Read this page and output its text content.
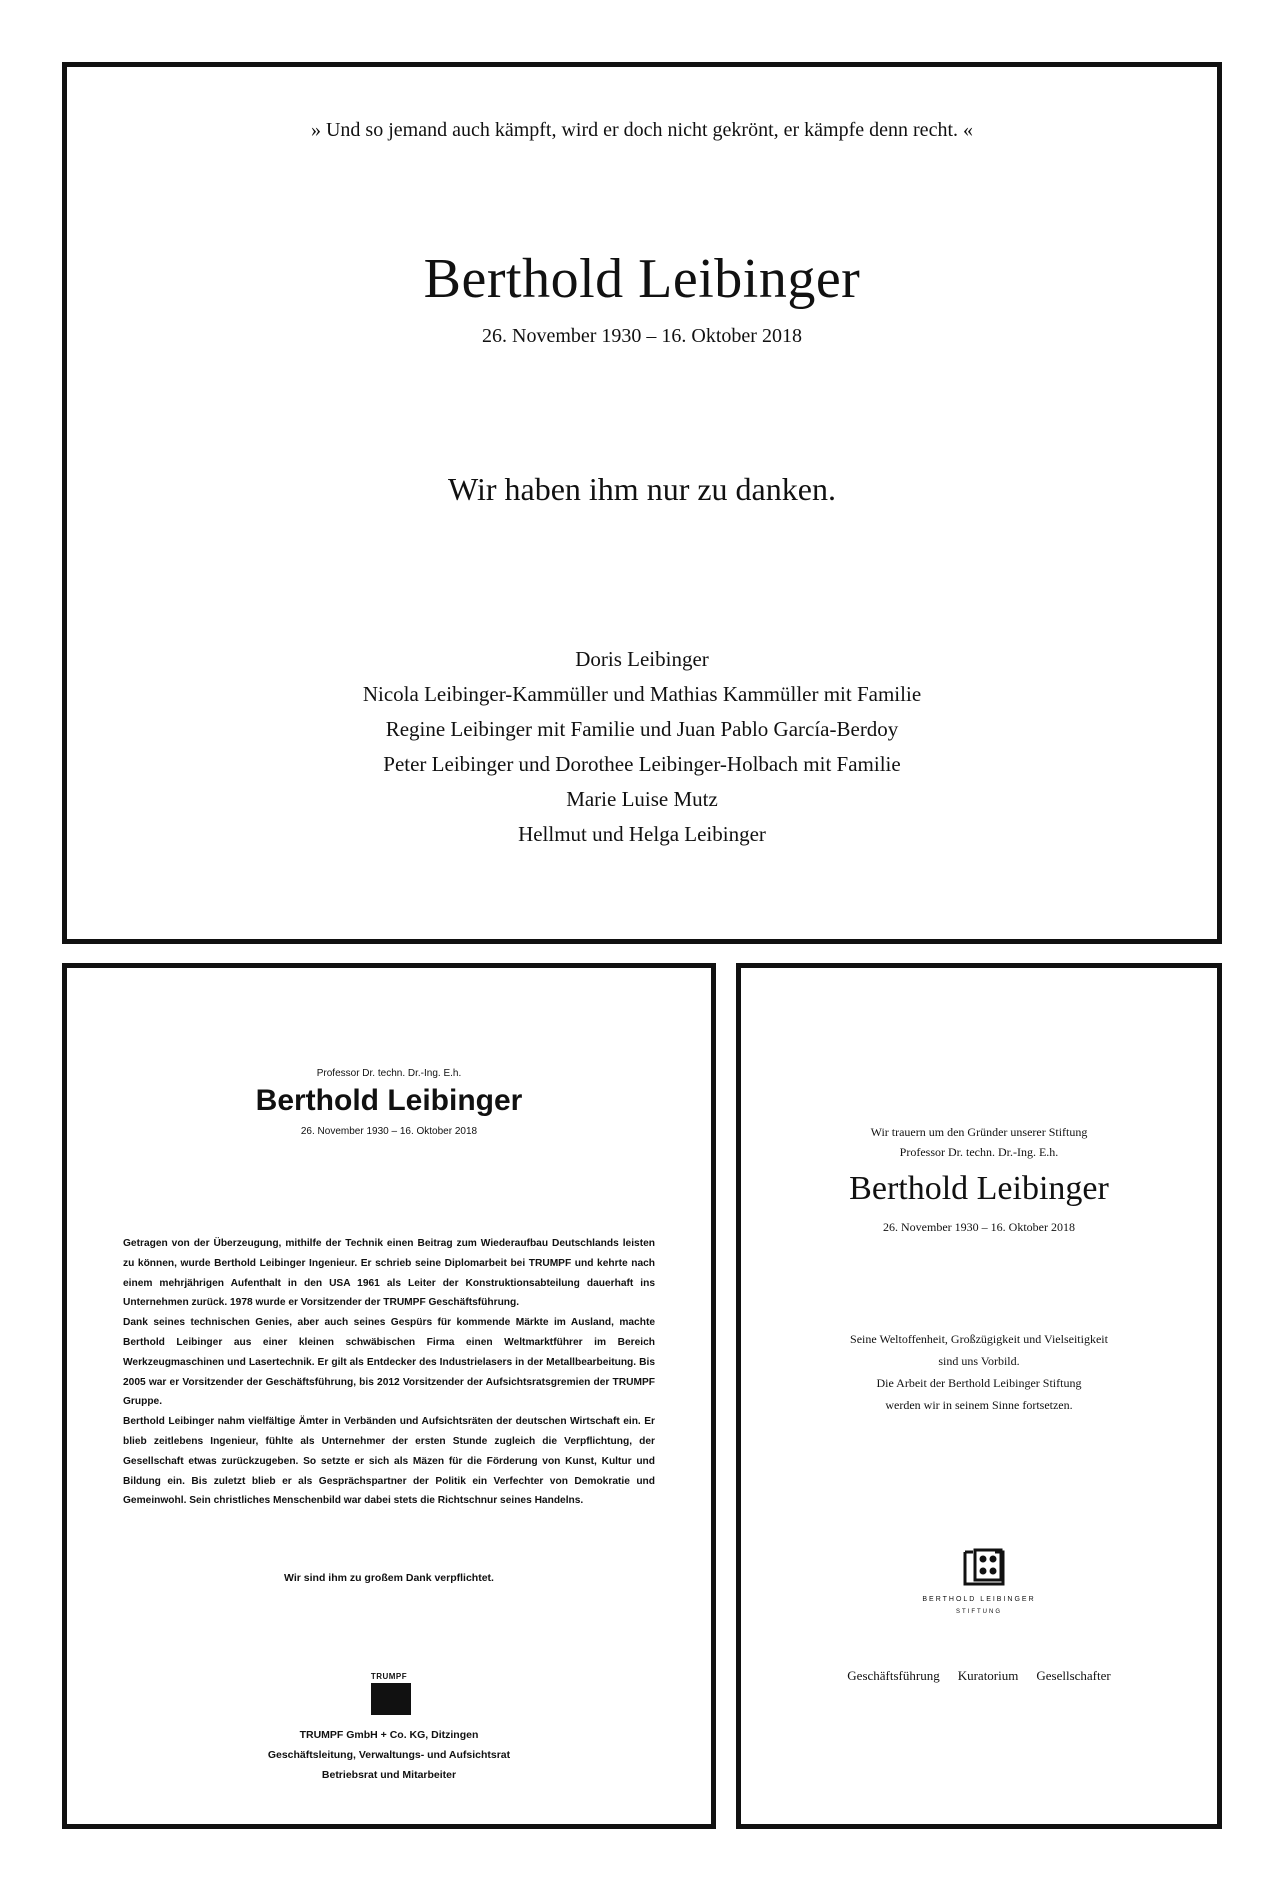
» Und so jemand auch kämpft, wird er doch nicht gekrönt, er kämpfe denn recht. «
Berthold Leibinger
26. November 1930 – 16. Oktober 2018
Wir haben ihm nur zu danken.
Doris Leibinger
Nicola Leibinger-Kammüller und Mathias Kammüller mit Familie
Regine Leibinger mit Familie und Juan Pablo García-Berdoy
Peter Leibinger und Dorothee Leibinger-Holbach mit Familie
Marie Luise Mutz
Hellmut und Helga Leibinger
Professor Dr. techn. Dr.-Ing. E.h.
Berthold Leibinger
26. November 1930 – 16. Oktober 2018

Getragen von der Überzeugung, mithilfe der Technik einen Beitrag zum Wiederaufbau Deutschlands leisten zu können, wurde Berthold Leibinger Ingenieur. Er schrieb seine Diplomarbeit bei TRUMPF und kehrte nach einem mehrjährigen Aufenthalt in den USA 1961 als Leiter der Konstruktionsabteilung dauerhaft ins Unternehmen zurück. 1978 wurde er Vorsitzender der TRUMPF Geschäftsführung.

Dank seines technischen Genies, aber auch seines Gespürs für kommende Märkte im Ausland, machte Berthold Leibinger aus einer kleinen schwäbischen Firma einen Weltmarktführer im Bereich Werkzeugmaschinen und Lasertechnik. Er gilt als Entdecker des Industrielasers in der Metallbearbeitung. Bis 2005 war er Vorsitzender der Geschäftsführung, bis 2012 Vorsitzender der Aufsichtsratsgremien der TRUMPF Gruppe.

Berthold Leibinger nahm vielfältige Ämter in Verbänden und Aufsichtsräten der deutschen Wirtschaft ein. Er blieb zeitlebens Ingenieur, fühlte als Unternehmer der ersten Stunde zugleich die Verpflichtung, der Gesellschaft etwas zurückzugeben. So setzte er sich als Mäzen für die Förderung von Kunst, Kultur und Bildung ein. Bis zuletzt blieb er als Gesprächspartner der Politik ein Verfechter von Demokratie und Gemeinwohl. Sein christliches Menschenbild war dabei stets die Richtschnur seines Handelns.

Wir sind ihm zu großem Dank verpflichtet.
TRUMPF
TRUMPF GmbH + Co. KG, Ditzingen
Geschäftsleitung, Verwaltungs- und Aufsichtsrat
Betriebsrat und Mitarbeiter
Wir trauern um den Gründer unserer Stiftung
Professor Dr. techn. Dr.-Ing. E.h.
Berthold Leibinger
26. November 1930 – 16. Oktober 2018
Seine Weltoffenheit, Großzügigkeit und Vielseitigkeit
sind uns Vorbild.
Die Arbeit der Berthold Leibinger Stiftung
werden wir in seinem Sinne fortsetzen.
BERTHOLD LEIBINGER
STIFTUNG
Geschäftsführung Kuratorium Gesellschafter
